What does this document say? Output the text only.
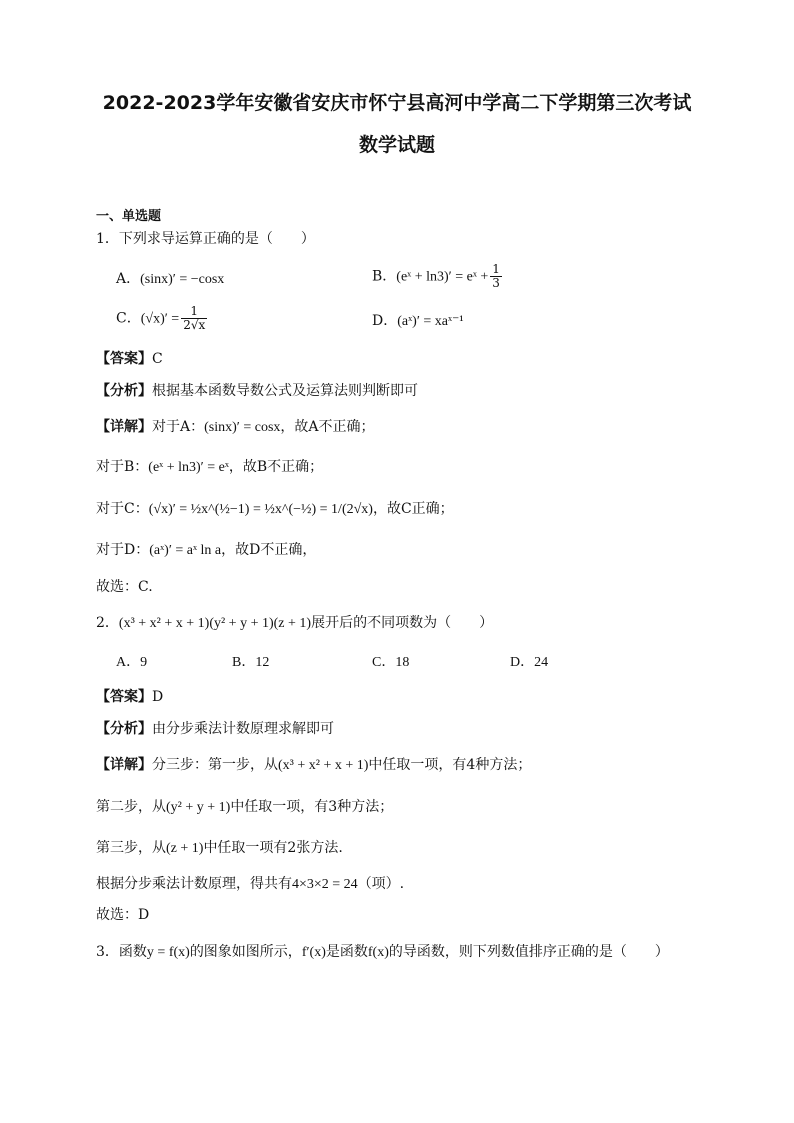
2022-2023学年安徽省安庆市怀宁县高河中学高二下学期第三次考试
数学试题
一、单选题
1．下列求导运算正确的是（　　）
A．(sinx)′ = −cosx	B．(eˣ + ln3)′ = eˣ + $\frac{1}{3}$
C．$(√x)' = \frac{1}{2√x}$	D．(aˣ)′ = xaˣ⁻¹
【答案】C
【分析】根据基本函数导数公式及运算法则判断即可
【详解】对于A：(sinx)′ = cosx，故A不正确；
对于B：(eˣ + ln3)′ = eˣ，故B不正确；
对于C：(√x)′ = ½x^(½−1) = ½x^(−½) = 1/(2√x)，故C正确；
对于D：(aˣ)′ = aˣ ln a，故D不正确，
故选：C.
2．(x³ + x² + x + 1)(y² + y + 1)(z + 1)展开后的不同项数为（　　）
A．9	B．12	C．18	D．24
【答案】D
【分析】由分步乘法计数原理求解即可
【详解】分三步：第一步，从(x³ + x² + x + 1)中任取一项，有4种方法；
第二步，从(y² + y + 1)中任取一项，有3种方法；
第三步，从(z + 1)中任取一项有2张方法.
根据分步乘法计数原理，得共有4×3×2 = 24（项）.
故选：D
3．函数y = f(x)的图象如图所示，f′(x)是函数f(x)的导函数，则下列数值排序正确的是（　　）
